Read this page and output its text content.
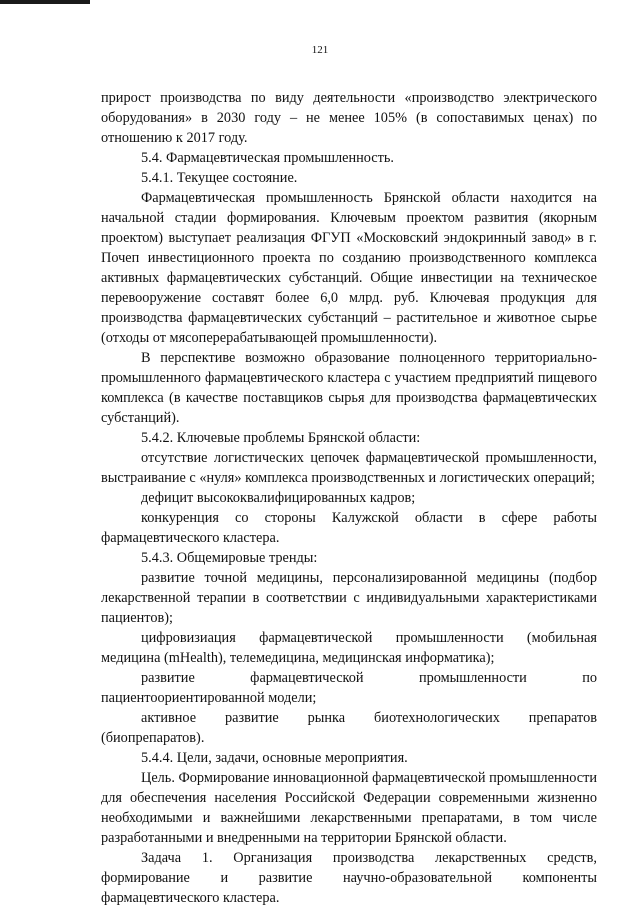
121

прирост производства по виду деятельности «производство электрического оборудования» в 2030 году – не менее 105% (в сопоставимых ценах) по отношению к 2017 году.

5.4. Фармацевтическая промышленность.

5.4.1. Текущее состояние.

Фармацевтическая промышленность Брянской области находится на начальной стадии формирования. Ключевым проектом развития (якорным проектом) выступает реализация ФГУП «Московский эндокринный завод» в г. Почеп инвестиционного проекта по созданию производственного комплекса активных фармацевтических субстанций. Общие инвестиции на техническое перевооружение составят более 6,0 млрд. руб. Ключевая продукция для производства фармацевтических субстанций – растительное и животное сырье (отходы от мясоперерабатывающей промышленности).

В перспективе возможно образование полноценного территориально-промышленного фармацевтического кластера с участием предприятий пищевого комплекса (в качестве поставщиков сырья для производства фармацевтических субстанций).

5.4.2. Ключевые проблемы Брянской области:

отсутствие логистических цепочек фармацевтической промышленности, выстраивание с «нуля» комплекса производственных и логистических операций;

дефицит высококвалифицированных кадров;

конкуренция со стороны Калужской области в сфере работы фармацевтического кластера.

5.4.3. Общемировые тренды:

развитие точной медицины, персонализированной медицины (подбор лекарственной терапии в соответствии с индивидуальными характеристиками пациентов);

цифровизиация фармацевтической промышленности (мобильная медицина (mHealth), телемедицина, медицинская информатика);

развитие фармацевтической промышленности по пациентоориентированной модели;

активное развитие рынка биотехнологических препаратов (биопрепаратов).

5.4.4. Цели, задачи, основные мероприятия.

Цель. Формирование инновационной фармацевтической промышленности для обеспечения населения Российской Федерации современными жизненно необходимыми и важнейшими лекарственными препаратами, в том числе разработанными и внедренными на территории Брянской области.

Задача 1. Организация производства лекарственных средств, формирование и развитие научно-образовательной компоненты фармацевтического кластера.
